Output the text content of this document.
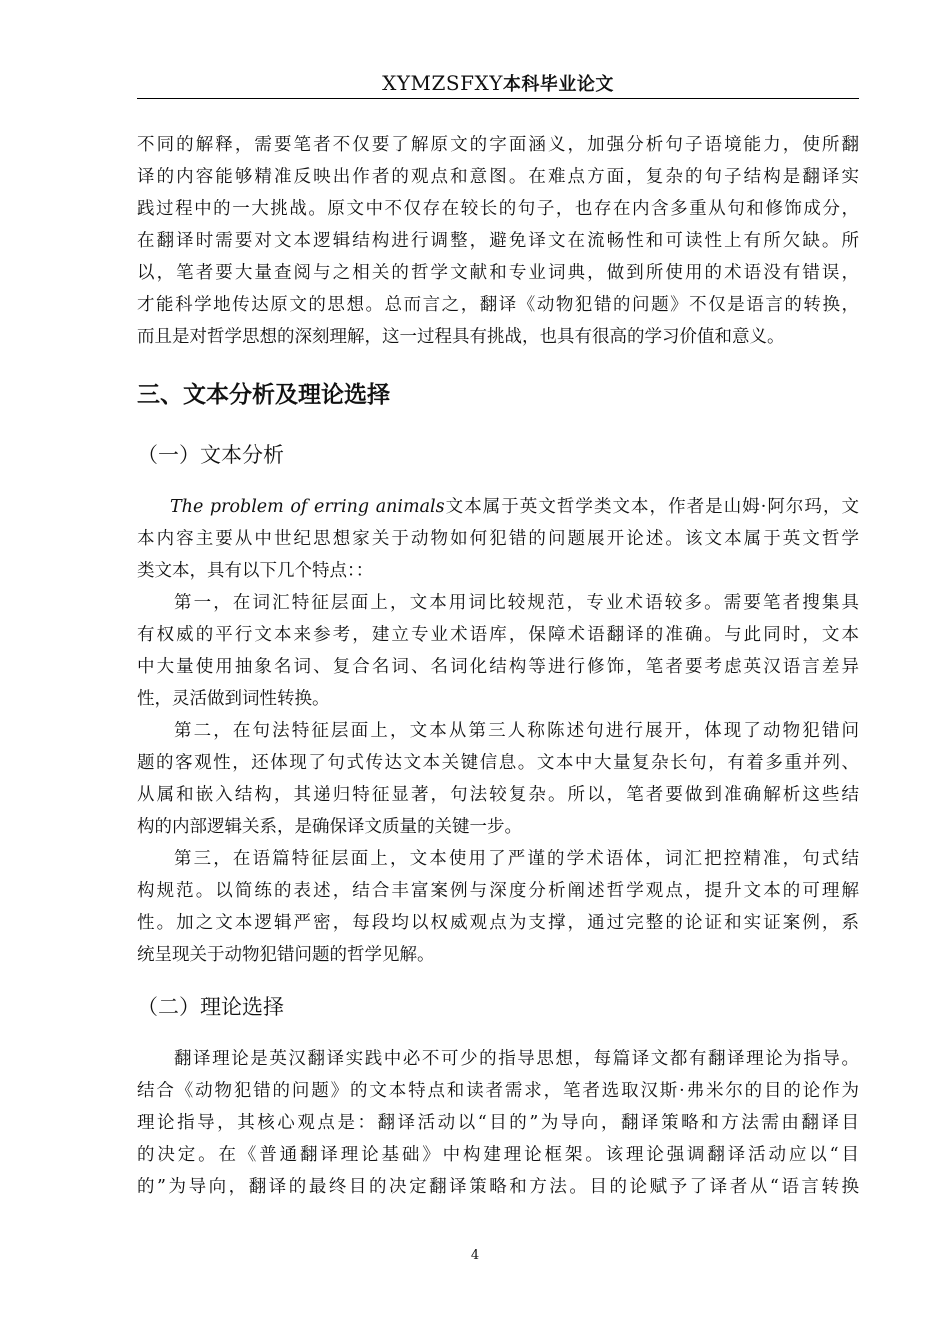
XYMZSFXY本科毕业论文
不同的解释，需要笔者不仅要了解原文的字面涵义，加强分析句子语境能力，使所翻
译的内容能够精准反映出作者的观点和意图。在难点方面，复杂的句子结构是翻译实
践过程中的一大挑战。原文中不仅存在较长的句子，也存在内含多重从句和修饰成分，
在翻译时需要对文本逻辑结构进行调整，避免译文在流畅性和可读性上有所欠缺。所
以，笔者要大量查阅与之相关的哲学文献和专业词典，做到所使用的术语没有错误，
才能科学地传达原文的思想。总而言之，翻译《动物犯错的问题》不仅是语言的转换，
而且是对哲学思想的深刻理解，这一过程具有挑战，也具有很高的学习价值和意义。
三、文本分析及理论选择
（一）文本分析
The problem of erring animals文本属于英文哲学类文本，作者是山姆·阿尔玛，文
本内容主要从中世纪思想家关于动物如何犯错的问题展开论述。该文本属于英文哲学
类文本，具有以下几个特点：：
第一，在词汇特征层面上，文本用词比较规范，专业术语较多。需要笔者搜集具
有权威的平行文本来参考，建立专业术语库，保障术语翻译的准确。与此同时，文本
中大量使用抽象名词、复合名词、名词化结构等进行修饰，笔者要考虑英汉语言差异
性，灵活做到词性转换。
第二，在句法特征层面上，文本从第三人称陈述句进行展开，体现了动物犯错问
题的客观性，还体现了句式传达文本关键信息。文本中大量复杂长句，有着多重并列、
从属和嵌入结构，其递归特征显著，句法较复杂。所以，笔者要做到准确解析这些结
构的内部逻辑关系，是确保译文质量的关键一步。
第三，在语篇特征层面上，文本使用了严谨的学术语体，词汇把控精准，句式结
构规范。以简练的表述，结合丰富案例与深度分析阐述哲学观点，提升文本的可理解
性。加之文本逻辑严密，每段均以权威观点为支撑，通过完整的论证和实证案例，系
统呈现关于动物犯错问题的哲学见解。
（二）理论选择
翻译理论是英汉翻译实践中必不可少的指导思想，每篇译文都有翻译理论为指导。
结合《动物犯错的问题》的文本特点和读者需求，笔者选取汉斯·弗米尔的目的论作为
理论指导，其核心观点是：翻译活动以“目的”为导向，翻译策略和方法需由翻译目
的决定。在《普通翻译理论基础》中构建理论框架。该理论强调翻译活动应以“目
的”为导向，翻译的最终目的决定翻译策略和方法。目的论赋予了译者从“语言转换
4
